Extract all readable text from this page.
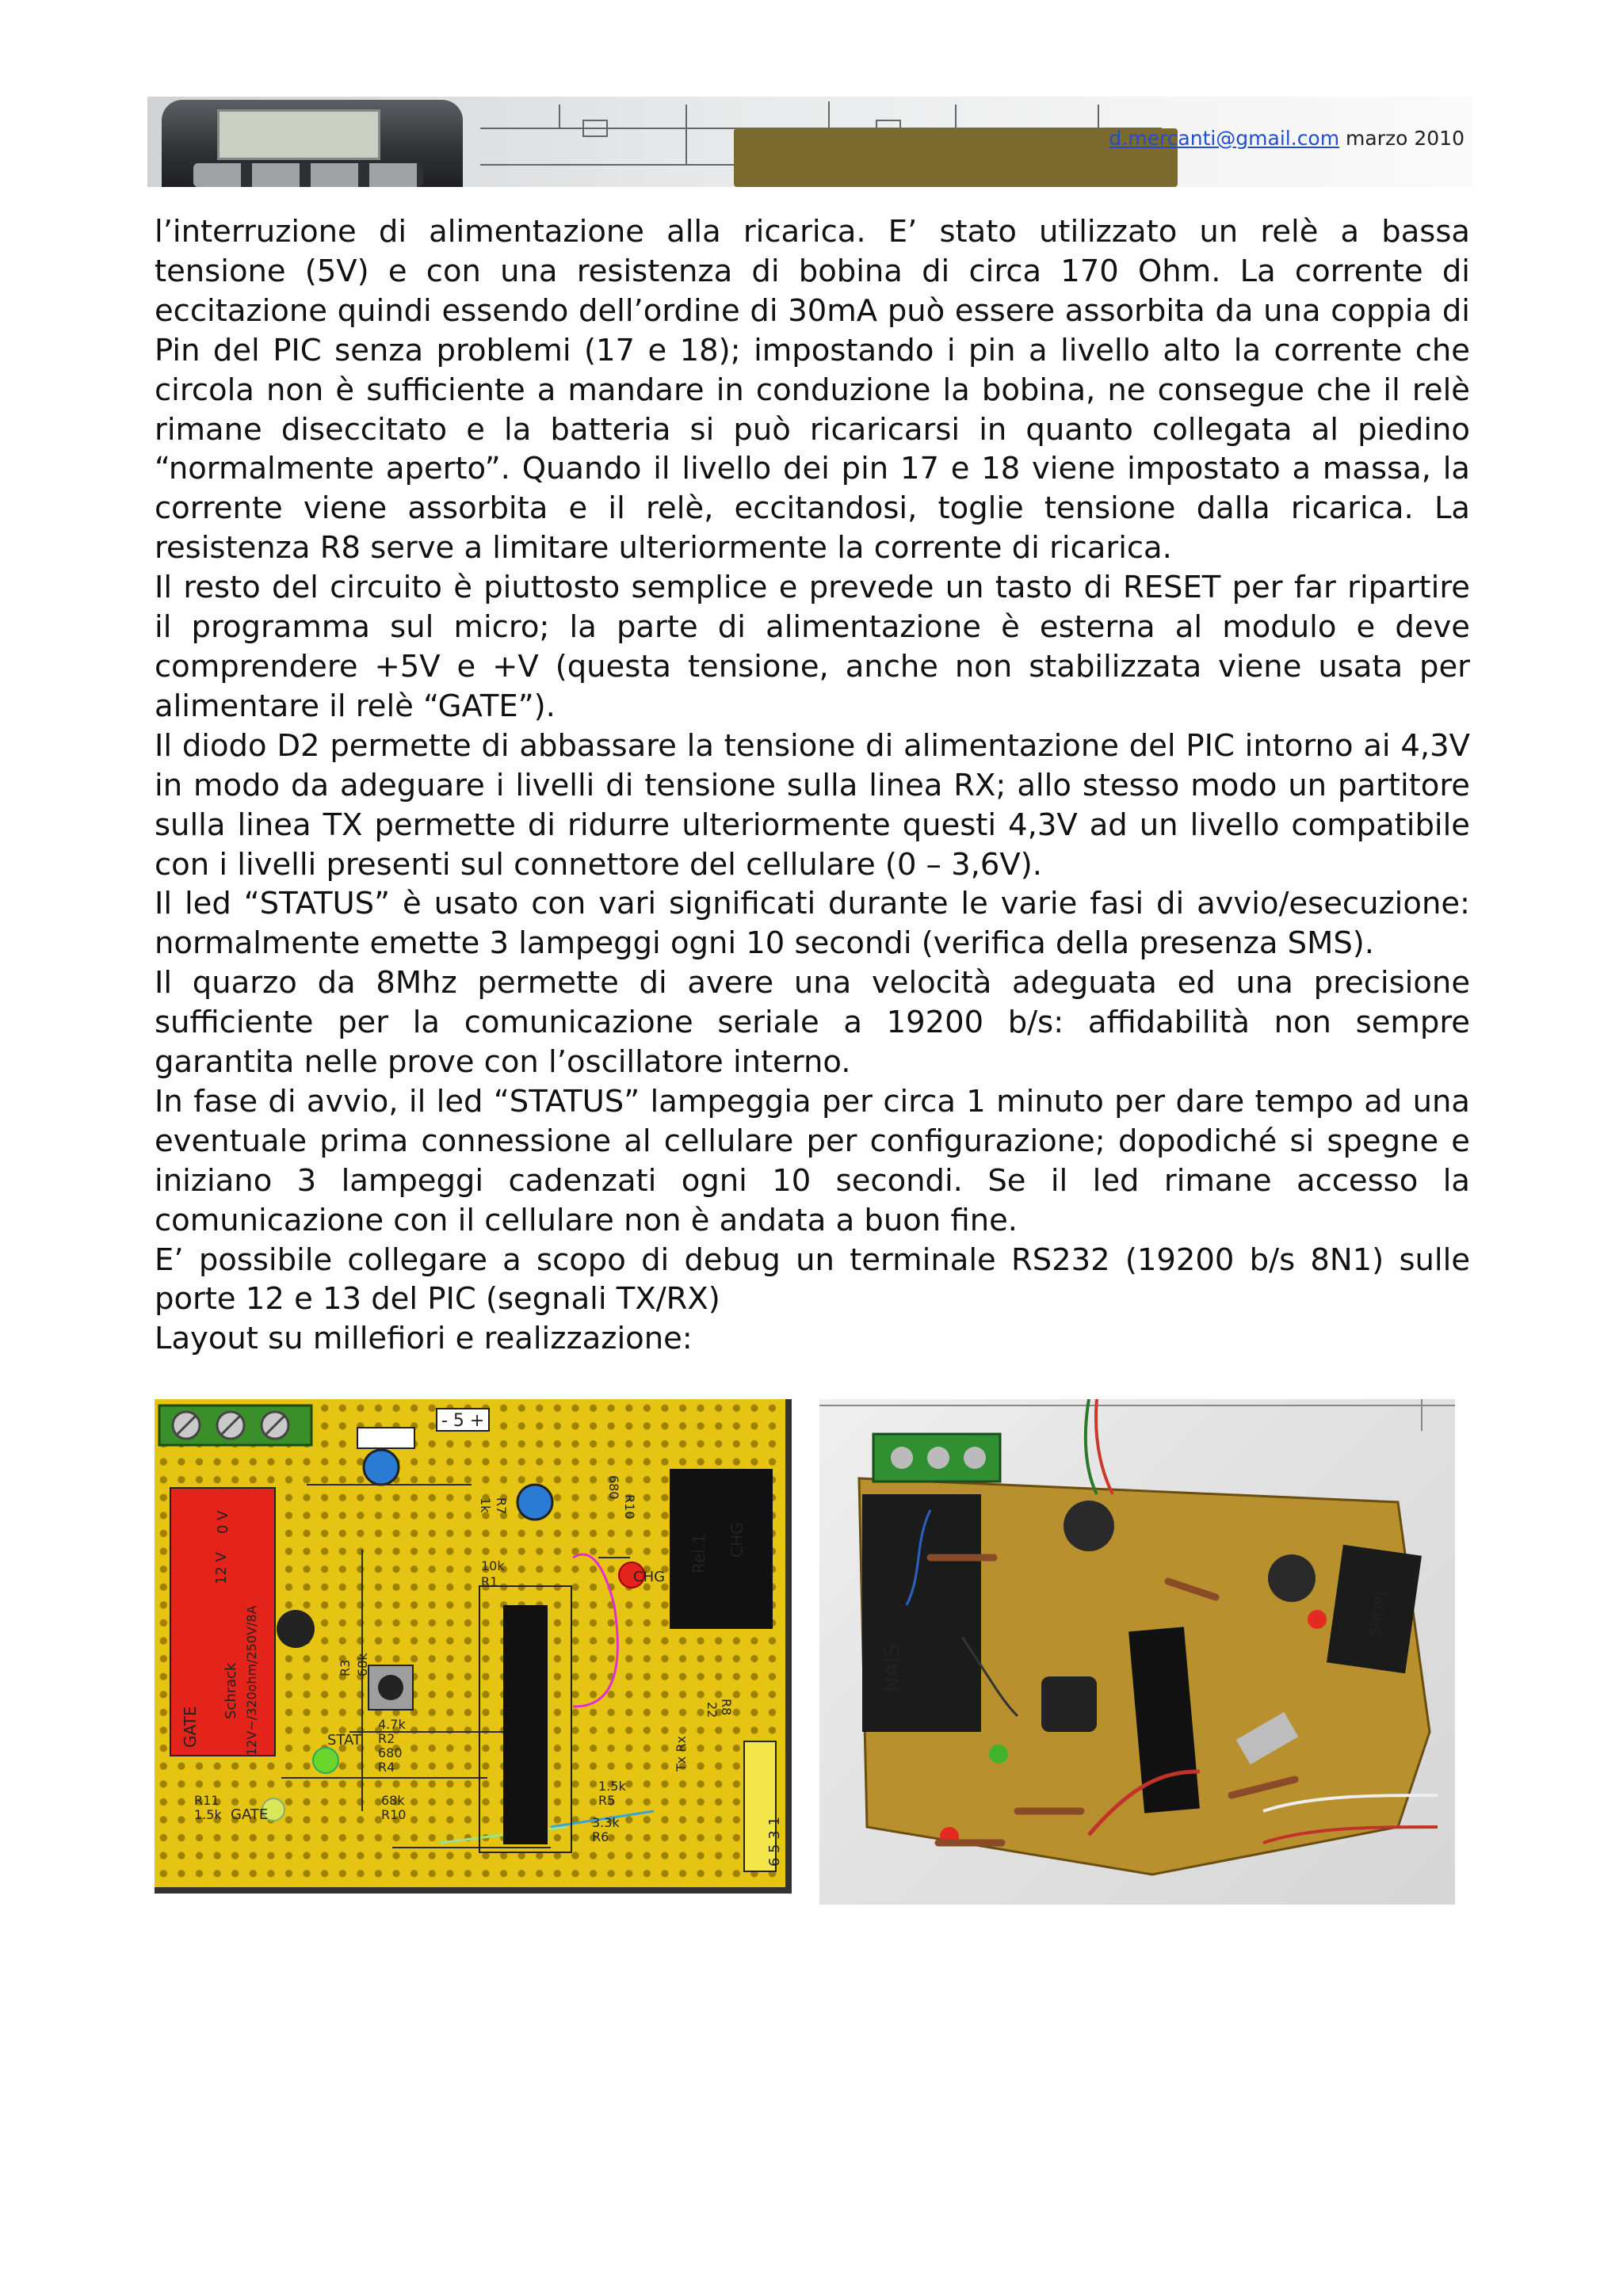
d.mercanti@gmail.com marzo 2010

l’interruzione di alimentazione alla ricarica. E’ stato utilizzato un relè a bassa tensione (5V) e con una resistenza di bobina di circa 170 Ohm. La corrente di eccitazione quindi essendo dell’ordine di 30mA può essere assorbita da una coppia di Pin del PIC senza problemi (17 e 18); impostando i pin a livello alto la corrente che circola non è sufficiente a mandare in conduzione la bobina, ne consegue che il relè rimane diseccitato e la batteria si può ricaricarsi in quanto collegata al piedino “normalmente aperto”. Quando il livello dei pin 17 e 18 viene impostato a massa, la corrente viene assorbita e il relè, eccitandosi, toglie tensione dalla ricarica. La resistenza R8 serve a limitare ulteriormente la corrente di ricarica.

Il resto del circuito è piuttosto semplice e prevede un tasto di RESET per far ripartire il programma sul micro; la parte di alimentazione è esterna al modulo e deve comprendere +5V e +V (questa tensione, anche non stabilizzata viene usata per alimentare il relè “GATE”).

Il diodo D2 permette di abbassare la tensione di alimentazione del PIC intorno ai 4,3V in modo da adeguare i livelli di tensione sulla linea RX; allo stesso modo un partitore sulla linea TX permette di ridurre ulteriormente questi 4,3V ad un livello compatibile con i livelli presenti sul connettore del cellulare (0 – 3,6V).

Il led “STATUS” è usato con vari significati durante le varie fasi di avvio/esecuzione: normalmente emette 3 lampeggi ogni 10 secondi (verifica della presenza SMS).

Il quarzo da 8Mhz permette di avere una velocità adeguata ed una precisione sufficiente per la comunicazione seriale a 19200 b/s: affidabilità non sempre garantita nelle prove con l’oscillatore interno.

In fase di avvio, il led “STATUS” lampeggia per circa 1 minuto per dare tempo ad una eventuale prima connessione al cellulare per configurazione; dopodiché si spegne e iniziano 3 lampeggi cadenzati ogni 10 secondi. Se il led rimane accesso la comunicazione con il cellulare non è andata a buon fine.

E’ possibile collegare a scopo di debug un terminale RS232 (19200 b/s 8N1) sulle porte 12 e 13 del PIC (segnali TX/RX)

Layout su millefiori e realizzazione:

- 5 +
GATE
Schrack 12V~/320ohm/250V/8A
12 V
0 V
Rel.1 CHG
6 5 3 1
R10
680
R7
1k
CHG
10k
R1
R3 68k
4.7k
R2
680
R4
STAT
R8
22
Tx Rx
1.5k
R5
3.3k
R6
68k
R10
R11
1.5k GATE
NAIS
SHORI
